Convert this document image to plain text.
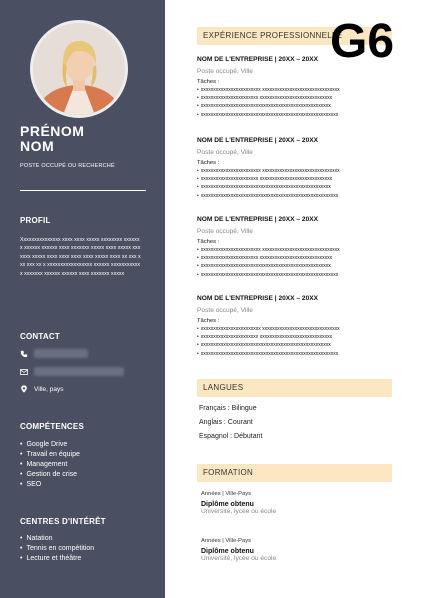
PRÉNOM
NOM
POSTE OCCUPÉ OU RECHERCHÉ
PROFIL
Xxxxxxxxxxxxxxx xxxx xxxx xxxxx xxxxxxxx xxxxxxx xxxxxx xxxxxx xxxx xxxxxxx xxxxx xxxx xxxxx xxxxxxx xxxxx xxxx xxxx xxxx xxxx xxxxx xxxx xx xxx xxx xxx xx x xxxxxxxxxxxxxxxxx xxxxxx xxxxxxxxxxxx xxxxxxx xxxxxx xxxxxx xxxx xxxxxxx xxxxx
CONTACT
Ville, pays
COMPÉTENCES
• Google Drive
• Travail en équipe
• Management
• Gestion de crise
• SEO
CENTRES D'INTÉRÊT
• Natation
• Tennis en compétition
• Lecture et théâtre
EXPÉRIENCE PROFESSIONNELLE
G6
NOM DE L'ENTREPRISE | 20XX – 20XX
Poste occupé, Ville
Tâches :
• xxxxxxxxxxxxxxxxxxxxxxxx xxxxxxxxxxxxxxxxxxxxxxxxxxxxxxx
• xxxxxxxxxxxxxxxxxxxxxxx xxxxxxxxxxxxxxxxxxxxxxxxxxxxx
• xxxxxxxxxxxxxxxxxxxxxxxxxxxxxxxxxxxxxxxxxxxxxxxxxxxx
• xxxxxxxxxxxxxxxxxxxxxxxxxxxxxxxxxxxxxxxxxxxxxxxxxxxxxxx
NOM DE L'ENTREPRISE | 20XX – 20XX
Poste occupé, Ville
Tâches :
• xxxxxxxxxxxxxxxxxxxxxxxx xxxxxxxxxxxxxxxxxxxxxxxxxxxxxxx
• xxxxxxxxxxxxxxxxxxxxxxx xxxxxxxxxxxxxxxxxxxxxxxxxxxxx
• xxxxxxxxxxxxxxxxxxxxxxxxxxxxxxxxxxxxxxxxxxxxxxxxxxxx
• xxxxxxxxxxxxxxxxxxxxxxxxxxxxxxxxxxxxxxxxxxxxxxxxxxxxxxx
NOM DE L'ENTREPRISE | 20XX – 20XX
Poste occupé, Ville
Tâches :
• xxxxxxxxxxxxxxxxxxxxxxxx xxxxxxxxxxxxxxxxxxxxxxxxxxxxxxx
• xxxxxxxxxxxxxxxxxxxxxxx xxxxxxxxxxxxxxxxxxxxxxxxxxxxx
• xxxxxxxxxxxxxxxxxxxxxxxxxxxxxxxxxxxxxxxxxxxxxxxxxxxx
• xxxxxxxxxxxxxxxxxxxxxxxxxxxxxxxxxxxxxxxxxxxxxxxxxxxxxxx
NOM DE L'ENTREPRISE | 20XX – 20XX
Poste occupé, Ville
Tâches :
• xxxxxxxxxxxxxxxxxxxxxxxx xxxxxxxxxxxxxxxxxxxxxxxxxxxxxxx
• xxxxxxxxxxxxxxxxxxxxxxx xxxxxxxxxxxxxxxxxxxxxxxxxxxxx
• xxxxxxxxxxxxxxxxxxxxxxxxxxxxxxxxxxxxxxxxxxxxxxxxxxxx
• xxxxxxxxxxxxxxxxxxxxxxxxxxxxxxxxxxxxxxxxxxxxxxxxxxxxxxx
LANGUES
Français : Bilingue
Anglais : Courant
Espagnol : Débutant
FORMATION
Années | Ville-Pays
Diplôme obtenu
Université, lycée ou école
Années | Ville-Pays
Diplôme obtenu
Université, lycée ou école
